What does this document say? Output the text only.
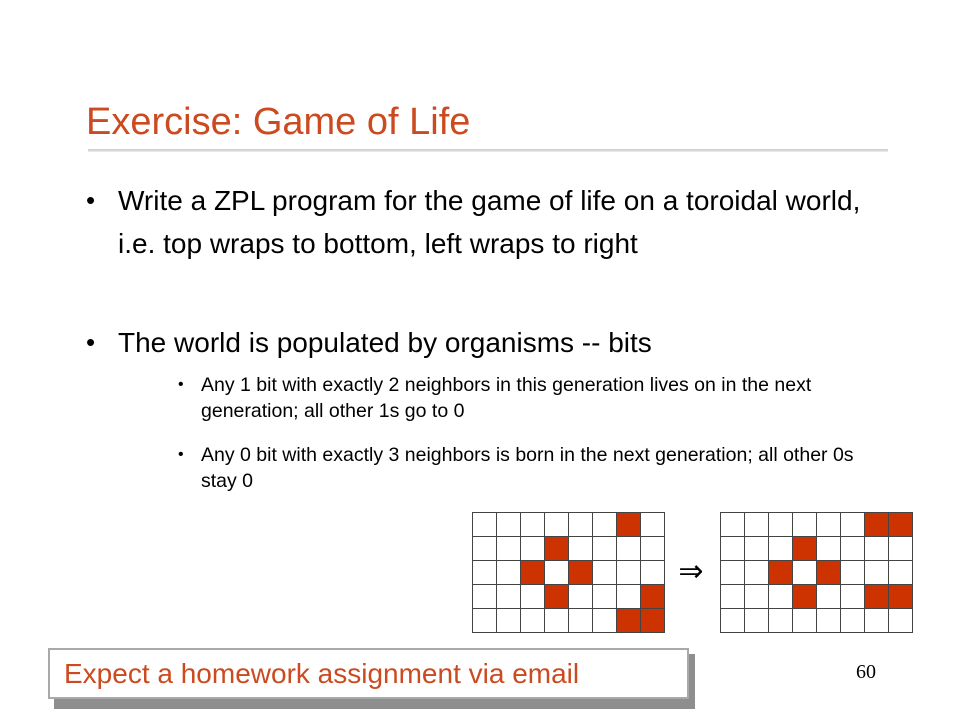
Exercise: Game of Life
• Write a ZPL program for the game of life on a toroidal world, i.e. top wraps to bottom, left wraps to right
• The world is populated by organisms -- bits
• Any 1 bit with exactly 2 neighbors in this generation lives on in the next generation; all other 1s go to 0
• Any 0 bit with exactly 3 neighbors is born in the next generation; all other 0s stay 0
⇒
Expect a homework assignment via email	60
